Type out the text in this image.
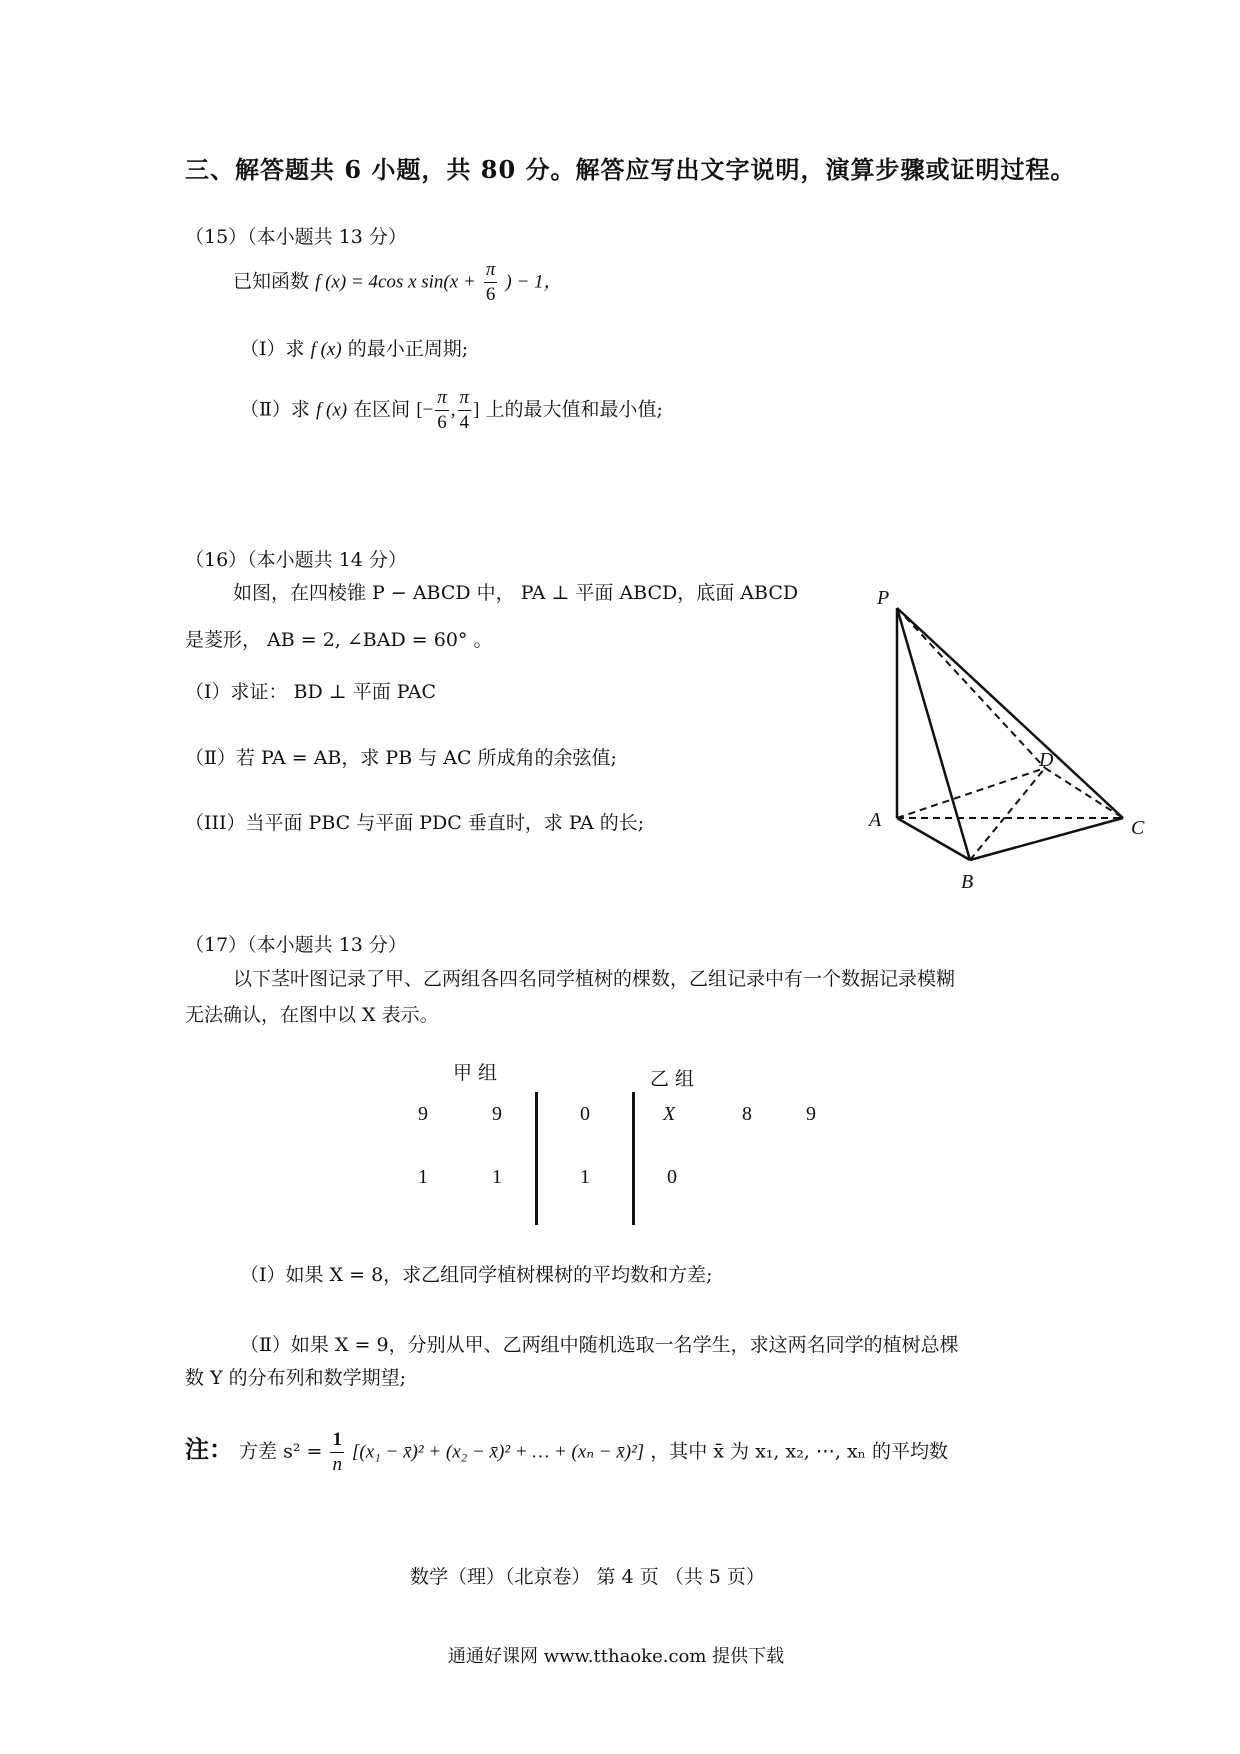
三、解答题共 6 小题，共 80 分。解答应写出文字说明，演算步骤或证明过程。
（15）（本小题共 13 分）
已知函数 f (x) = 4cos x $\sin(x + \frac{\pi}{6}$ ) − 1，
（I）求 f (x) 的最小正周期;
（Ⅱ）求 f (x) 在区间 [− $\frac{\pi}{6}$ , $\frac{\pi}{4}$ ] 上的最大值和最小值;
（16）（本小题共 14 分）
如图，在四棱锥 P − ABCD 中， PA ⊥ 平面 ABCD，底面 ABCD
是菱形， AB = 2, ∠BAD = 60° 。
（I）求证： BD ⊥ 平面 PAC
（Ⅱ）若 PA = AB，求 PB 与 AC 所成角的余弦值;
（III）当平面 PBC 与平面 PDC 垂直时，求 PA 的长;
P
A
B
C
D
（17）（本小题共 13 分）
以下茎叶图记录了甲、乙两组各四名同学植树的棵数，乙组记录中有一个数据记录模糊
无法确认，在图中以 X 表示。
甲 组	乙 组
9	9	0	X	8	9
1	1	1	0
（I）如果 X = 8，求乙组同学植树棵树的平均数和方差;
（Ⅱ）如果 X = 9，分别从甲、乙两组中随机选取一名学生，求这两名同学的植树总棵
数 Y 的分布列和数学期望;
注： 方差 $s^2 = \frac{1}{n} [(x_1$ − x̄)² + (x₂ − x̄)² + … + (xₙ − x̄)²] ，其中 x̄ 为 x₁, x₂, ⋯, xₙ 的平均数
数学（理）（北京卷） 第 4 页 （共 5 页）
通通好课网 www.tthaoke.com 提供下载
